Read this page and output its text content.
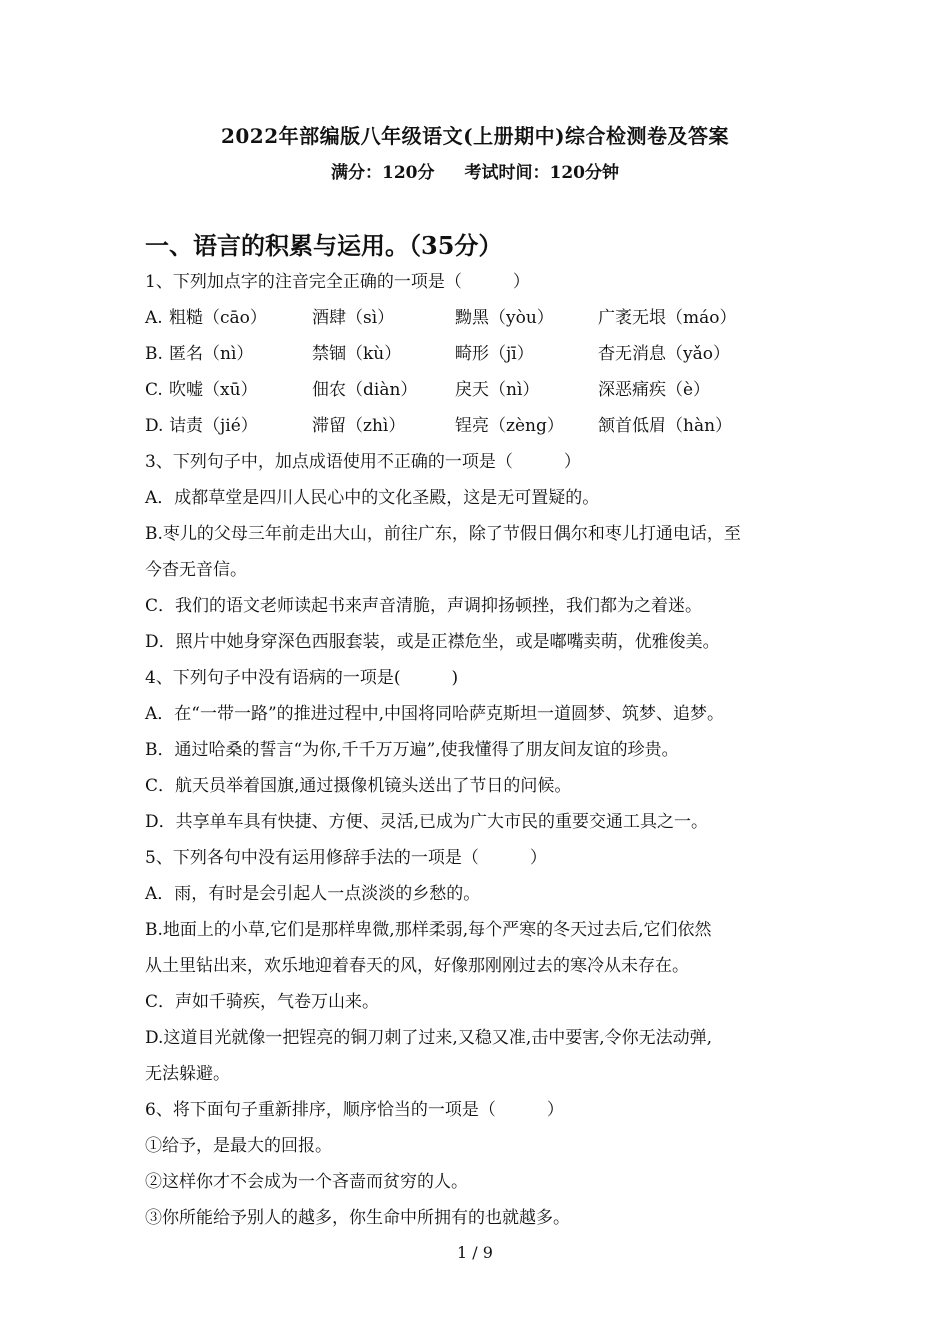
2022年部编版八年级语文(上册期中)综合检测卷及答案
满分：120分 考试时间：120分钟
一、语言的积累与运用。（35分）
1、下列加点字的注音完全正确的一项是（　　　）
A. 粗糙（cāo）	酒肆（sì）	黝黑（yòu）	广袤无垠（máo）
B. 匿名（nì）	禁锢（kù）	畸形（jī）	杳无消息（yǎo）
C. 吹嘘（xū）	佃农（diàn）	戾天（nì）	深恶痛疾（è）
D. 诘责（jié）	滞留（zhì）	锃亮（zèng）	颔首低眉（hàn）
3、下列句子中，加点成语使用不正确的一项是（　　　）
A．成都草堂是四川人民心中的文化圣殿，这是无可置疑的。
B.枣儿的父母三年前走出大山，前往广东，除了节假日偶尔和枣儿打通电话，至
今杳无音信。
C．我们的语文老师读起书来声音清脆，声调抑扬顿挫，我们都为之着迷。
D．照片中她身穿深色西服套装，或是正襟危坐，或是嘟嘴卖萌，优雅俊美。
4、下列句子中没有语病的一项是(　　　)
A．在“一带一路”的推进过程中,中国将同哈萨克斯坦一道圆梦、筑梦、追梦。
B．通过哈桑的誓言“为你,千千万万遍”,使我懂得了朋友间友谊的珍贵。
C．航天员举着国旗,通过摄像机镜头送出了节日的问候。
D．共享单车具有快捷、方便、灵活,已成为广大市民的重要交通工具之一。
5、下列各句中没有运用修辞手法的一项是（　　　）
A．雨，有时是会引起人一点淡淡的乡愁的。
B.地面上的小草,它们是那样卑微,那样柔弱,每个严寒的冬天过去后,它们依然
从土里钻出来，欢乐地迎着春天的风，好像那刚刚过去的寒冷从未存在。
C．声如千骑疾，气卷万山来。
D.这道目光就像一把锃亮的铜刀刺了过来,又稳又准,击中要害,令你无法动弹,
无法躲避。
6、将下面句子重新排序，顺序恰当的一项是（　　　）
①给予，是最大的回报。
②这样你才不会成为一个吝啬而贫穷的人。
③你所能给予别人的越多，你生命中所拥有的也就越多。
1 / 9
